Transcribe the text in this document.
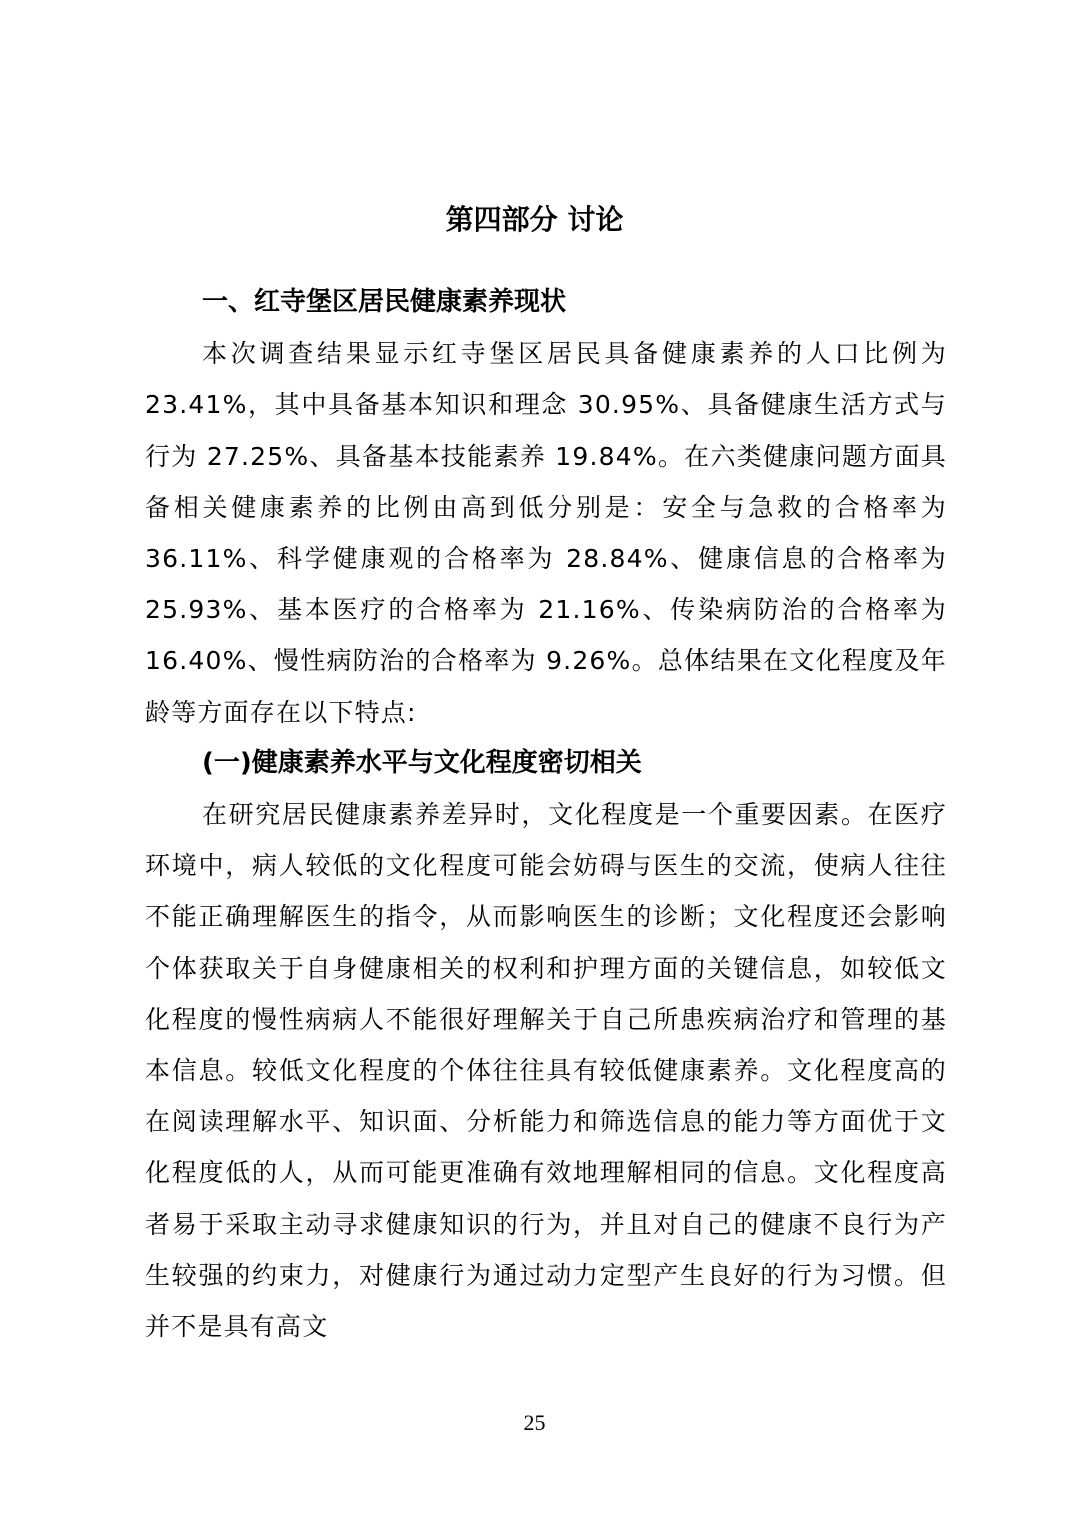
第四部分 讨论
一、红寺堡区居民健康素养现状

本次调查结果显示红寺堡区居民具备健康素养的人口比例为 23.41%，其中具备基本知识和理念 30.95%、具备健康生活方式与行为 27.25%、具备基本技能素养 19.84%。在六类健康问题方面具备相关健康素养的比例由高到低分别是：安全与急救的合格率为 36.11%、科学健康观的合格率为 28.84%、健康信息的合格率为 25.93%、基本医疗的合格率为 21.16%、传染病防治的合格率为 16.40%、慢性病防治的合格率为 9.26%。总体结果在文化程度及年龄等方面存在以下特点:

(一)健康素养水平与文化程度密切相关

在研究居民健康素养差异时，文化程度是一个重要因素。在医疗环境中，病人较低的文化程度可能会妨碍与医生的交流，使病人往往不能正确理解医生的指令，从而影响医生的诊断；文化程度还会影响个体获取关于自身健康相关的权利和护理方面的关键信息，如较低文化程度的慢性病病人不能很好理解关于自己所患疾病治疗和管理的基本信息。较低文化程度的个体往往具有较低健康素养。文化程度高的在阅读理解水平、知识面、分析能力和筛选信息的能力等方面优于文化程度低的人，从而可能更准确有效地理解相同的信息。文化程度高者易于采取主动寻求健康知识的行为，并且对自己的健康不良行为产生较强的约束力，对健康行为通过动力定型产生良好的行为习惯。但并不是具有高文

25
